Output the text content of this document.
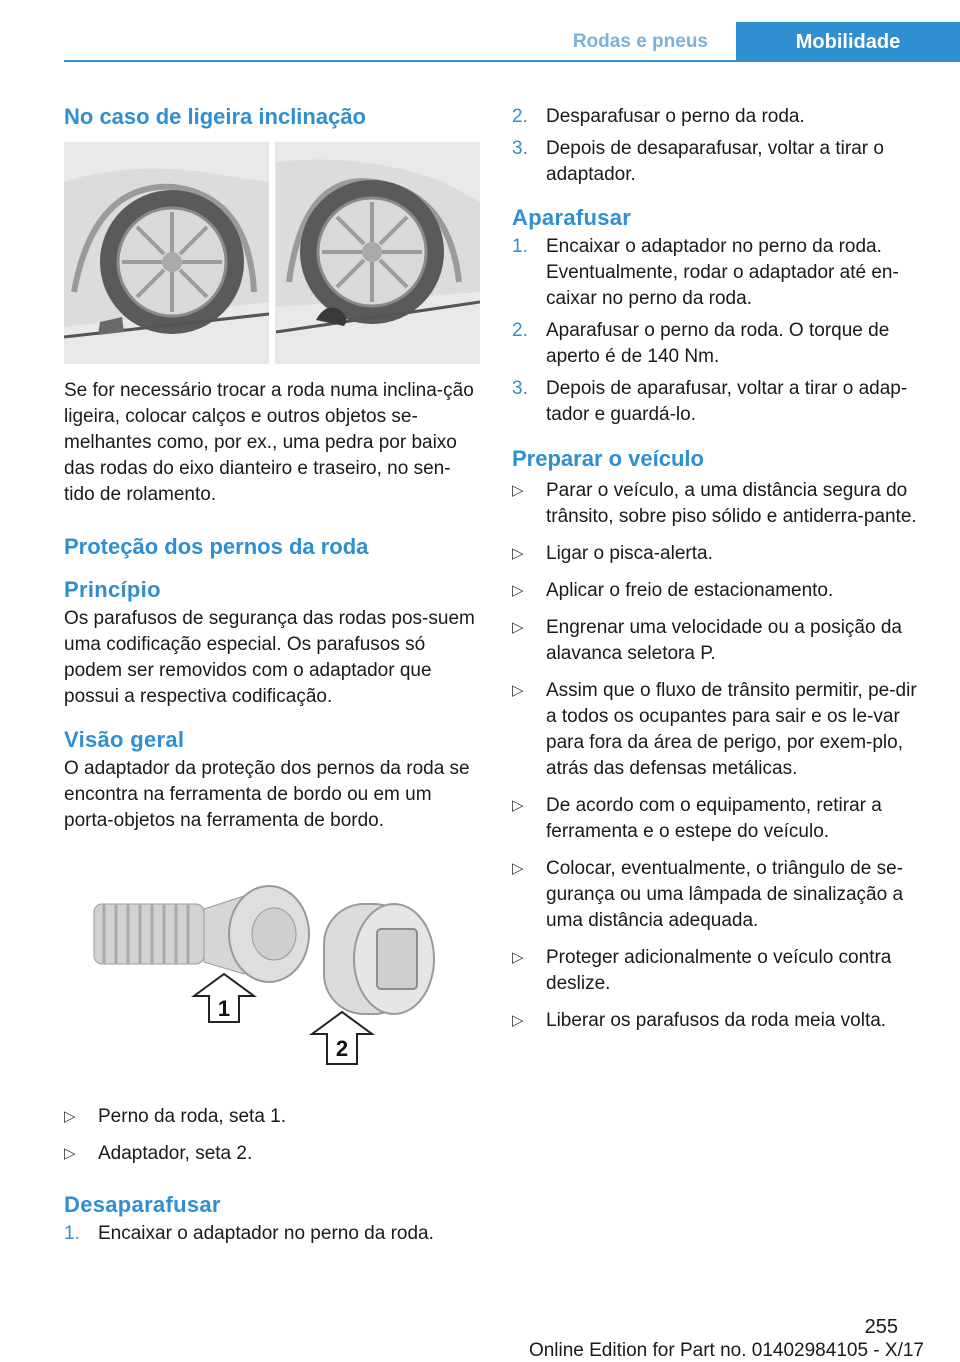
Rodas e pneus	Mobilidade
No caso de ligeira inclinação

Se for necessário trocar a roda numa inclina-ção ligeira, colocar calços e outros objetos se-melhantes como, por ex., uma pedra por baixo das rodas do eixo dianteiro e traseiro, no sen-tido de rolamento.

Proteção dos pernos da roda
Princípio

Os parafusos de segurança das rodas pos-suem uma codificação especial. Os parafusos só podem ser removidos com o adaptador que possui a respectiva codificação.

Visão geral

O adaptador da proteção dos pernos da roda se encontra na ferramenta de bordo ou em um porta-objetos na ferramenta de bordo.

1
2
▷ Perno da roda, seta 1.
▷ Adaptador, seta 2.
Desaparafusar
1. Encaixar o adaptador no perno da roda.
2. Desparafusar o perno da roda.
3. Depois de desaparafusar, voltar a tirar o adaptador.
Aparafusar
1. Encaixar o adaptador no perno da roda. Eventualmente, rodar o adaptador até en-caixar no perno da roda.
2. Aparafusar o perno da roda. O torque de aperto é de 140 Nm.
3. Depois de aparafusar, voltar a tirar o adap-tador e guardá-lo.
Preparar o veículo
▷ Parar o veículo, a uma distância segura do trânsito, sobre piso sólido e antiderra-pante.
▷ Ligar o pisca-alerta.
▷ Aplicar o freio de estacionamento.
▷ Engrenar uma velocidade ou a posição da alavanca seletora P.
▷ Assim que o fluxo de trânsito permitir, pe-dir a todos os ocupantes para sair e os le-var para fora da área de perigo, por exem-plo, atrás das defensas metálicas.
▷ De acordo com o equipamento, retirar a ferramenta e o estepe do veículo.
▷ Colocar, eventualmente, o triângulo de se-gurança ou uma lâmpada de sinalização a uma distância adequada.
▷ Proteger adicionalmente o veículo contra deslize.
▷ Liberar os parafusos da roda meia volta.
255
Online Edition for Part no. 01402984105 - X/17
